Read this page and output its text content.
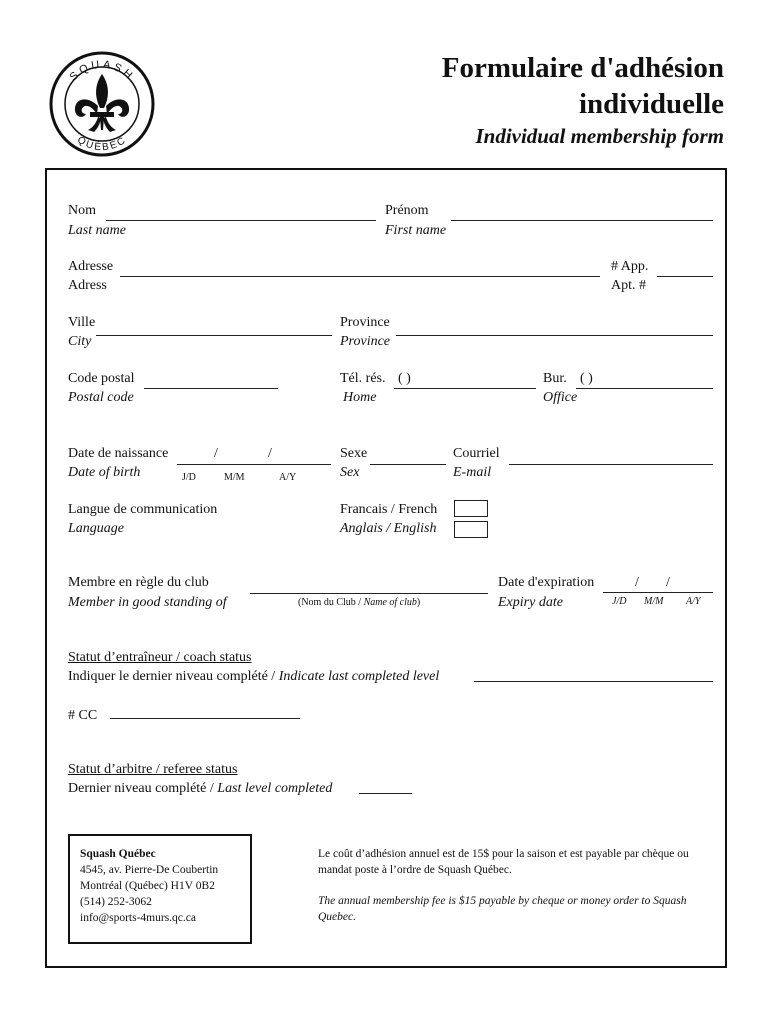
SQUASH
QUÉBEC
Formulaire d'adhésion
individuelle
Individual membership form
Nom
Last name
Prénom
First name
Adresse
Adress
# App.
Apt. #
Ville
City
Province
Province
Code postal
Postal code
Tél. rés. ( )
Home
Bur. ( )
Office
Date de naissance
Date of birth
/	/
J/D	M/M	A/Y
Sexe
Sex
Courriel
E-mail
Langue de communication
Language
Francais / French
Anglais / English
Membre en règle du club
Member in good standing of	(Nom du Club / Name of club)
Date d'expiration
Expiry date
/ /
J/D M/M A/Y
Statut d’entraîneur / coach status
Indiquer le dernier niveau complété / Indicate last completed level
# CC
Statut d’arbitre / referee status
Dernier niveau complété / Last level completed
Squash Québec
4545, av. Pierre-De Coubertin
Montréal (Québec) H1V 0B2
(514) 252-3062
info@sports-4murs.qc.ca
Le coût d’adhésion annuel est de 15$ pour la saison et est payable par chèque ou mandat poste à l’ordre de Squash Québec.
The annual membership fee is $15 payable by cheque or money order to Squash Quebec.
